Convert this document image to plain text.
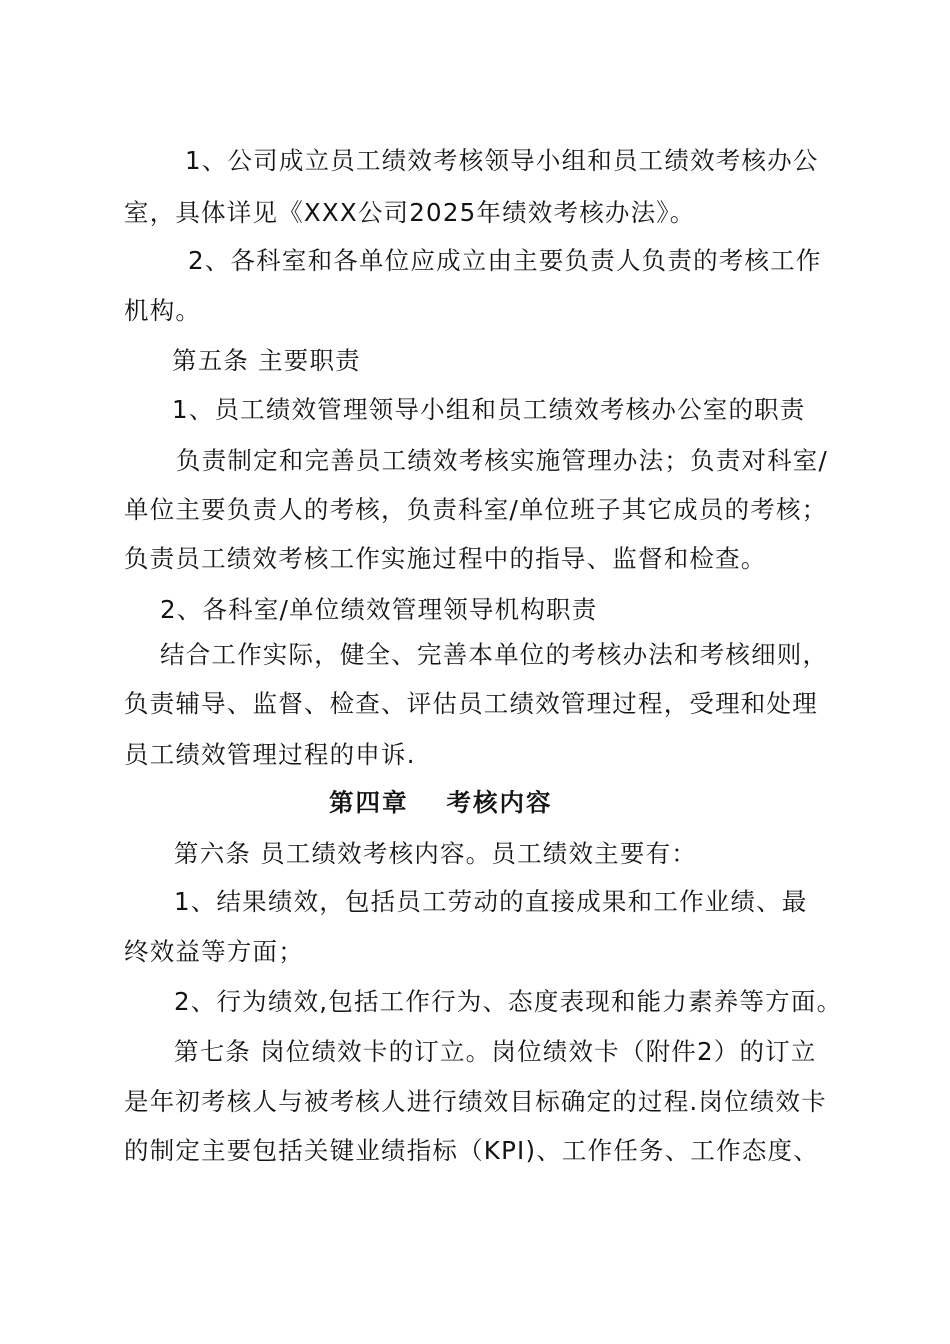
1、公司成立员工绩效考核领导小组和员工绩效考核办公
室，具体详见《XXX公司2025年绩效考核办法》。
2、各科室和各单位应成立由主要负责人负责的考核工作
机构。
第五条 主要职责
1、员工绩效管理领导小组和员工绩效考核办公室的职责
负责制定和完善员工绩效考核实施管理办法；负责对科室/
单位主要负责人的考核，负责科室/单位班子其它成员的考核；
负责员工绩效考核工作实施过程中的指导、监督和检查。
2、各科室/单位绩效管理领导机构职责
结合工作实际，健全、完善本单位的考核办法和考核细则，
负责辅导、监督、检查、评估员工绩效管理过程，受理和处理
员工绩效管理过程的申诉.
第四章 考核内容
第六条 员工绩效考核内容。员工绩效主要有：
1、结果绩效，包括员工劳动的直接成果和工作业绩、最
终效益等方面；
2、行为绩效,包括工作行为、态度表现和能力素养等方面。
第七条 岗位绩效卡的订立。岗位绩效卡（附件2）的订立
是年初考核人与被考核人进行绩效目标确定的过程.岗位绩效卡
的制定主要包括关键业绩指标（KPI)、工作任务、工作态度、
